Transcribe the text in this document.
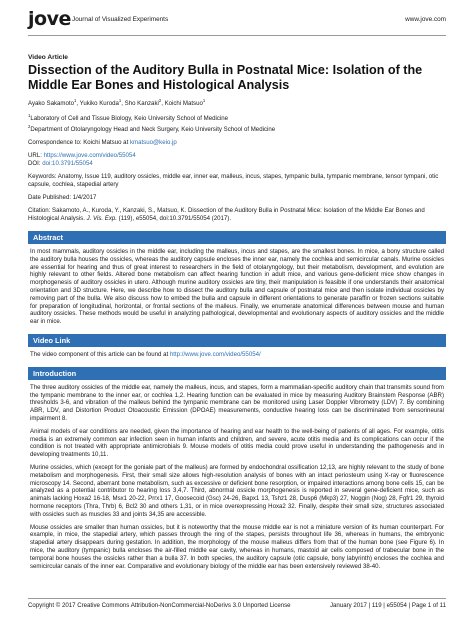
jove Journal of Visualized Experiments	www.jove.com
Video Article
Dissection of the Auditory Bulla in Postnatal Mice: Isolation of the Middle Ear Bones and Histological Analysis

Ayako Sakamoto$^1$, Yukiko Kuroda$^1$, Sho Kanzaki$^2$, Koichi Matsuo$^1$

$^1$Laboratory of Cell and Tissue Biology, Keio University School of Medicine

$^2$Department of Otolaryngology Head and Neck Surgery, Keio University School of Medicine

Correspondence to: Koichi Matsuo at kmatsuo@keio.jp

URL: https://www.jove.com/video/55054

DOI: doi:10.3791/55054

Keywords: Anatomy, Issue 119, auditory ossicles, middle ear, inner ear, malleus, incus, stapes, tympanic bulla, tympanic membrane, tensor tympani, otic capsule, cochlea, stapedial artery

Date Published: 1/4/2017

Citation: Sakamoto, A., Kuroda, Y., Kanzaki, S., Matsuo, K. Dissection of the Auditory Bulla in Postnatal Mice: Isolation of the Middle Ear Bones and Histological Analysis. J. Vis. Exp. (119), e55054, doi:10.3791/55054 (2017).

Abstract

In most mammals, auditory ossicles in the middle ear, including the malleus, incus and stapes, are the smallest bones. In mice, a bony structure called the auditory bulla houses the ossicles, whereas the auditory capsule encloses the inner ear, namely the cochlea and semicircular canals. Murine ossicles are essential for hearing and thus of great interest to researchers in the field of otolaryngology, but their metabolism, development, and evolution are highly relevant to other fields. Altered bone metabolism can affect hearing function in adult mice, and various gene-deficient mice show changes in morphogenesis of auditory ossicles in utero. Although murine auditory ossicles are tiny, their manipulation is feasible if one understands their anatomical orientation and 3D structure. Here, we describe how to dissect the auditory bulla and capsule of postnatal mice and then isolate individual ossicles by removing part of the bulla. We also discuss how to embed the bulla and capsule in different orientations to generate paraffin or frozen sections suitable for preparation of longitudinal, horizontal, or frontal sections of the malleus. Finally, we enumerate anatomical differences between mouse and human auditory ossicles. These methods would be useful in analyzing pathological, developmental and evolutionary aspects of auditory ossicles and the middle ear in mice.

Video Link

The video component of this article can be found at http://www.jove.com/video/55054/

Introduction

The three auditory ossicles of the middle ear, namely the malleus, incus, and stapes, form a mammalian-specific auditory chain that transmits sound from the tympanic membrane to the inner ear, or cochlea 1,2. Hearing function can be evaluated in mice by measuring Auditory Brainstem Response (ABR) thresholds 3-6, and vibration of the malleus behind the tympanic membrane can be monitored using Laser Doppler Vibrometry (LDV) 7. By combining ABR, LDV, and Distortion Product Otoacoustic Emission (DPOAE) measurements, conductive hearing loss can be discriminated from sensorineural impairment 8.

Animal models of ear conditions are needed, given the importance of hearing and ear health to the well-being of patients of all ages. For example, otitis media is an extremely common ear infection seen in human infants and children, and severe, acute otitis media and its complications can occur if the condition is not treated with appropriate antimicrobials 9. Mouse models of otitis media could prove useful in understanding the pathogenesis and in developing treatments 10,11.

Murine ossicles, which (except for the goniale part of the malleus) are formed by endochondral ossification 12,13, are highly relevant to the study of bone metabolism and morphogenesis. First, their small size allows high-resolution analysis of bones with an intact periosteum using X-ray or fluorescence microscopy 14. Second, aberrant bone metabolism, such as excessive or deficient bone resorption, or impaired interactions among bone cells 15, can be analyzed as a potential contributor to hearing loss 3,4,7. Third, abnormal ossicle morphogenesis is reported in several gene-deficient mice, such as animals lacking Hoxa2 16-18, Msx1 20-22, Prrx1 17, Goosecoid (Gsc) 24-26, Bapx1 13, Tshz1 28, Dusp6 (Mkp3) 27, Noggin (Nog) 28, Fgfr1 29, thyroid hormone receptors (Thra, Thrb) 6, Bcl2 30 and others 1,31, or in mice overexpressing Hoxa2 32. Finally, despite their small size, structures associated with ossicles such as muscles 33 and joints 34,35 are accessible.

Mouse ossicles are smaller than human ossicles, but it is noteworthy that the mouse middle ear is not a miniature version of its human counterpart. For example, in mice, the stapedial artery, which passes through the ring of the stapes, persists throughout life 36, whereas in humans, the embryonic stapedial artery disappears during gestation. In addition, the morphology of the mouse malleus differs from that of the human bone (see Figure 6). In mice, the auditory (tympanic) bulla encloses the air-filled middle ear cavity, whereas in humans, mastoid air cells composed of trabecular bone in the temporal bone houses the ossicles rather than a bulla 37. In both species, the auditory capsule (otic capsule, bony labyrinth) encloses the cochlea and semicircular canals of the inner ear. Comparative and evolutionary biology of the middle ear has been extensively reviewed 38-40.

Copyright © 2017 Creative Commons Attribution-NonCommercial-NoDerivs 3.0 Unported License	January 2017 | 119 | e55054 | Page 1 of 11
